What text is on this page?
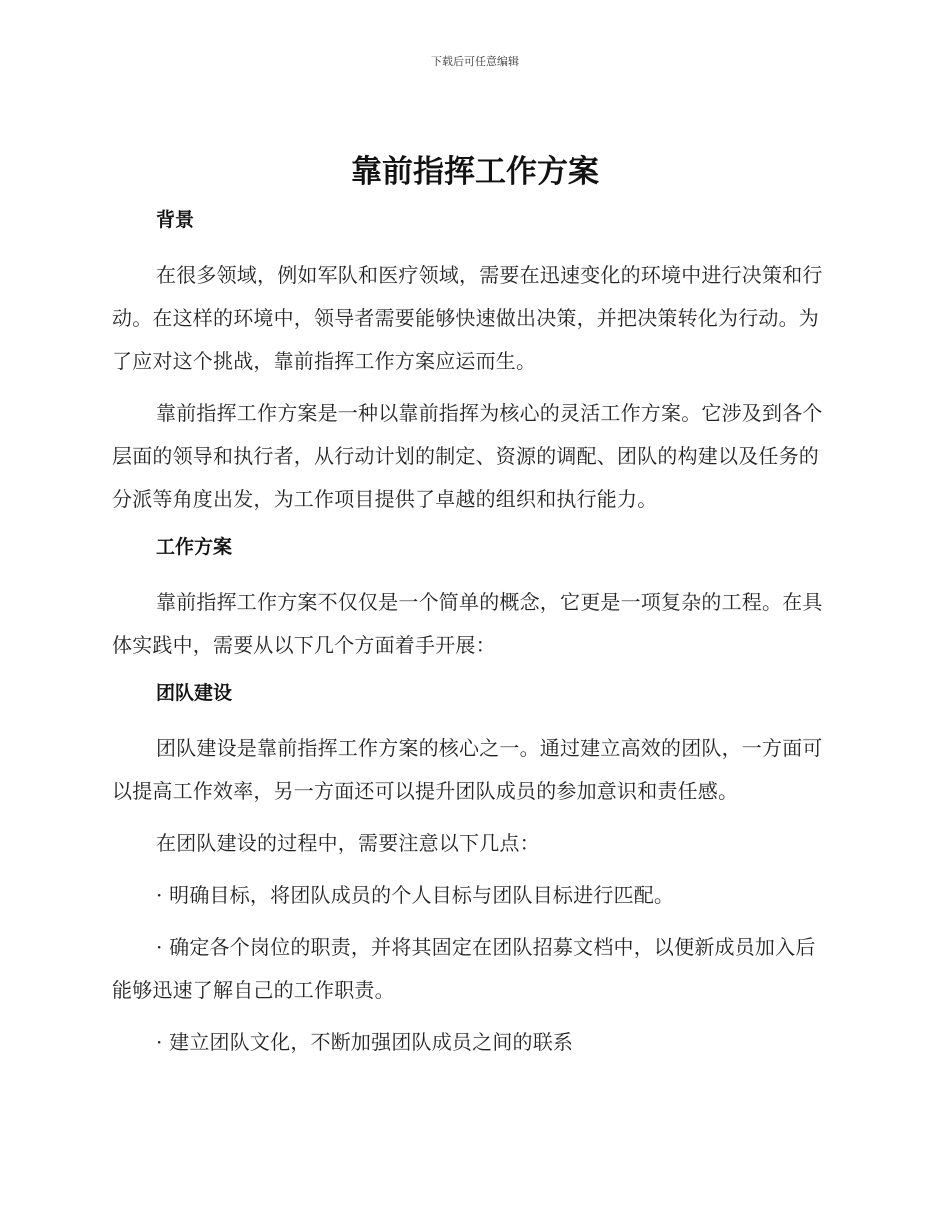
下载后可任意编辑
靠前指挥工作方案
背景

在很多领域，例如军队和医疗领域，需要在迅速变化的环境中进行决策和行动。在这样的环境中，领导者需要能够快速做出决策，并把决策转化为行动。为了应对这个挑战，靠前指挥工作方案应运而生。

靠前指挥工作方案是一种以靠前指挥为核心的灵活工作方案。它涉及到各个层面的领导和执行者，从行动计划的制定、资源的调配、团队的构建以及任务的分派等角度出发，为工作项目提供了卓越的组织和执行能力。

工作方案

靠前指挥工作方案不仅仅是一个简单的概念，它更是一项复杂的工程。在具体实践中，需要从以下几个方面着手开展：

团队建设

团队建设是靠前指挥工作方案的核心之一。通过建立高效的团队，一方面可以提高工作效率，另一方面还可以提升团队成员的参加意识和责任感。

在团队建设的过程中，需要注意以下几点：

· 明确目标，将团队成员的个人目标与团队目标进行匹配。

· 确定各个岗位的职责，并将其固定在团队招募文档中，以便新成员加入后能够迅速了解自己的工作职责。

· 建立团队文化，不断加强团队成员之间的联系
